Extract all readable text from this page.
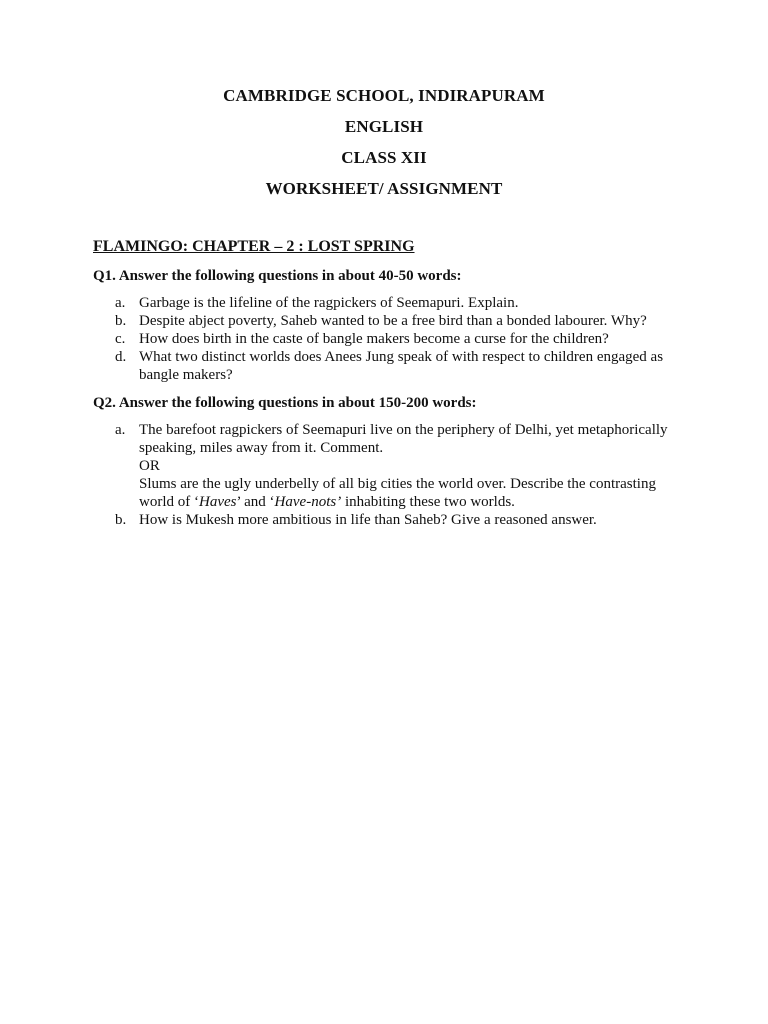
CAMBRIDGE SCHOOL, INDIRAPURAM
ENGLISH
CLASS XII
WORKSHEET/ ASSIGNMENT
FLAMINGO: CHAPTER – 2 : LOST SPRING
Q1. Answer the following questions in about 40-50 words:
a. Garbage is the lifeline of the ragpickers of Seemapuri. Explain.
b. Despite abject poverty, Saheb wanted to be a free bird than a bonded labourer. Why?
c. How does birth in the caste of bangle makers become a curse for the children?
d. What two distinct worlds does Anees Jung speak of with respect to children engaged as bangle makers?
Q2. Answer the following questions in about 150-200 words:
a. The barefoot ragpickers of Seemapuri live on the periphery of Delhi, yet metaphorically speaking, miles away from it. Comment.
OR
Slums are the ugly underbelly of all big cities the world over. Describe the contrasting world of ‘Haves’ and ‘Have-nots’ inhabiting these two worlds.
b. How is Mukesh more ambitious in life than Saheb? Give a reasoned answer.
